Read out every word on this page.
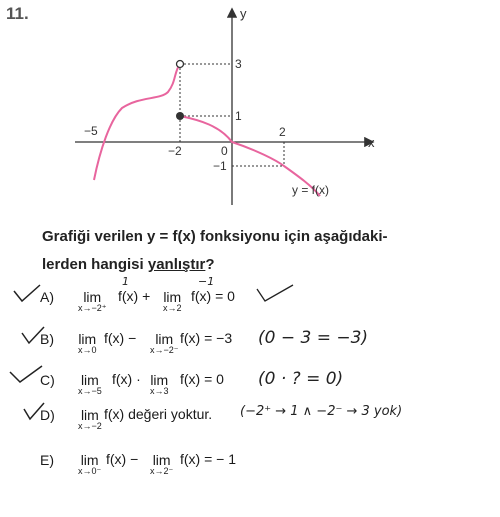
11.	y
x
−5
−2	0
2
3
1
−1
y = f(x)
Grafiği verilen y = f(x) fonksiyonu için aşağıdaki-
lerden hangisi yanlıştır?
A)	lim
x→−2⁺
1
f(x) + lim
x→2
−1
f(x) = 0
B) lim
x→0
f(x) −	lim
x→−2⁻
f(x) = −3 (0 − 3 = −3)
C) lim
x→−5
f(x) · lim
x→3
f(x) = 0 (0 · ? = 0)
D) lim
x→−2
f(x) değeri yoktur. (−2⁺ → 1 ∧ −2⁻ → 3 yok)
E) lim
x→0⁻
f(x) − lim
x→2⁻
f(x) = − 1
